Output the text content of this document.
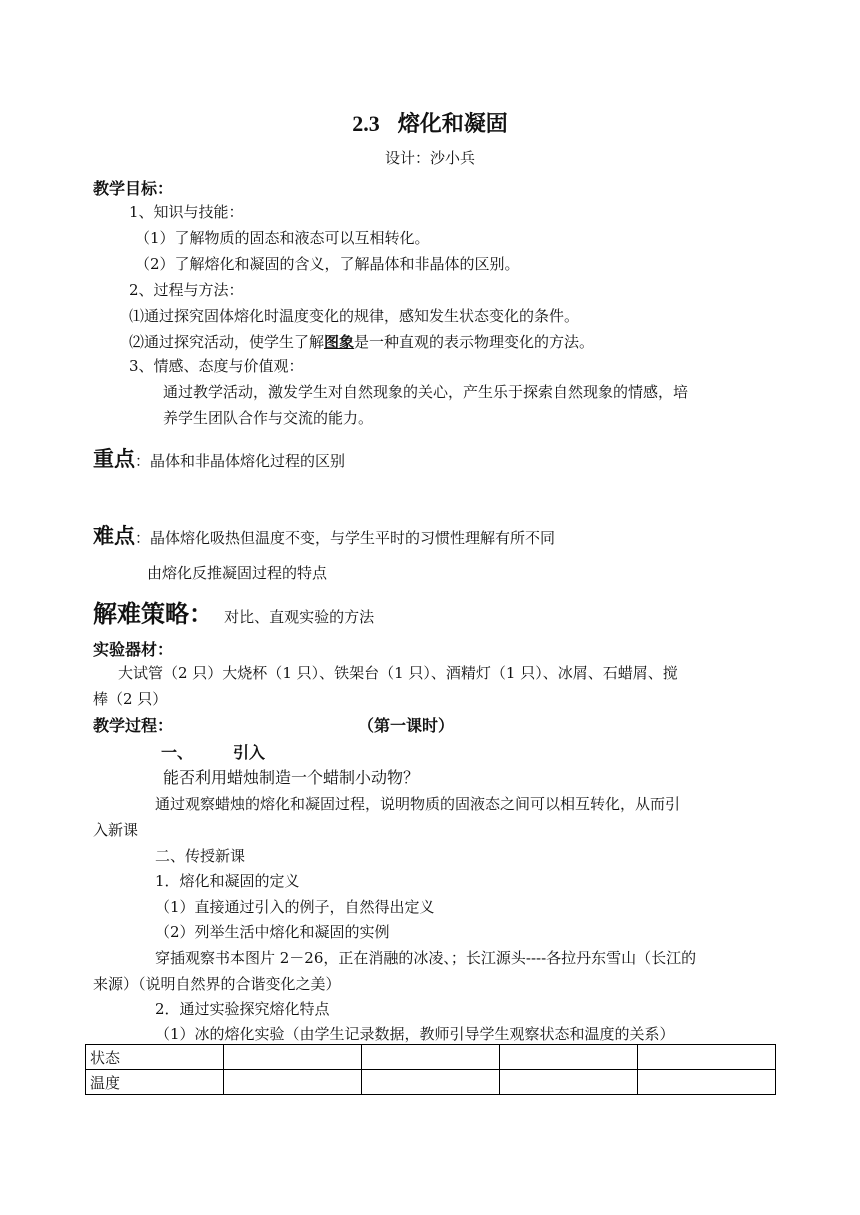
2.3 熔化和凝固
设计：沙小兵
教学目标：
1、知识与技能：
（1）了解物质的固态和液态可以互相转化。
（2）了解熔化和凝固的含义，了解晶体和非晶体的区别。
2、过程与方法：
⑴通过探究固体熔化时温度变化的规律，感知发生状态变化的条件。
⑵通过探究活动，使学生了解图象是一种直观的表示物理变化的方法。
3、情感、态度与价值观：
通过教学活动，激发学生对自然现象的关心，产生乐于探索自然现象的情感，培
养学生团队合作与交流的能力。
重点：晶体和非晶体熔化过程的区别
难点：晶体熔化吸热但温度不变，与学生平时的习惯性理解有所不同
由熔化反推凝固过程的特点
解难策略： 对比、直观实验的方法
实验器材：
大试管（2 只）大烧杯（1 只）、铁架台（1 只）、酒精灯（1 只）、冰屑、石蜡屑、搅
棒（2 只）
教学过程：	（第一课时）
一、 引入
能否利用蜡烛制造一个蜡制小动物？
通过观察蜡烛的熔化和凝固过程，说明物质的固液态之间可以相互转化，从而引
入新课
二、传授新课
1．熔化和凝固的定义
（1）直接通过引入的例子，自然得出定义
（2）列举生活中熔化和凝固的实例
穿插观察书本图片 2－26，正在消融的冰凌、；长江源头----各拉丹东雪山（长江的
来源）（说明自然界的合谐变化之美）
2．通过实验探究熔化特点
（1）冰的熔化实验（由学生记录数据，教师引导学生观察状态和温度的关系）
状态				
温度				
